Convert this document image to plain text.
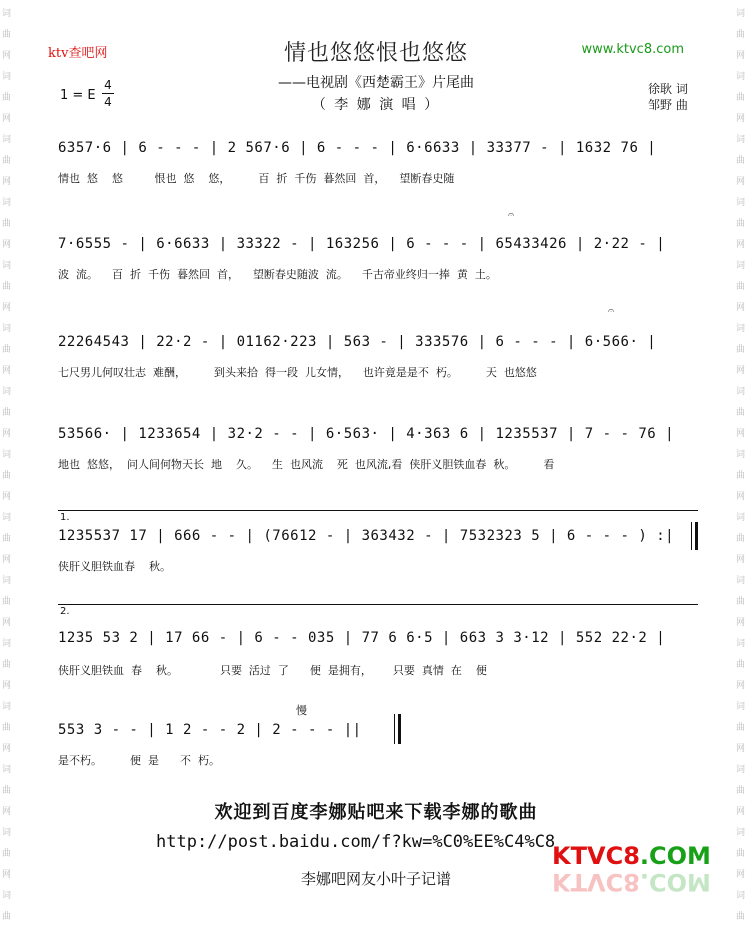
词
曲
网
词
曲
网
词
曲
网
词
曲
网
词
曲
网
词
曲
网
词
曲
网
词
曲
网
词
曲
网
词
曲
网
词
曲
网
词
曲
网
词
曲
网
词
曲
网
词
曲
词
曲
网
词
曲
网
词
曲
网
词
曲
网
词
曲
网
词
曲
网
词
曲
网
词
曲
网
词
曲
网
词
曲
网
词
曲
网
词
曲
网
词
曲
网
词
曲
网
词
曲
ktv查吧网	www.ktvc8.com
情也悠悠恨也悠悠
——电视剧《西楚霸王》片尾曲
（ 李 娜 演 唱 ）
1 = E
4
4
徐耿 词
邹野 曲
6357·6 | 6 - - - | 2 567·6 | 6 - - - | 6·6633 | 33377 - | 1632 76 |
情也  悠    悠         恨也  悠    悠，        百  折  千伤  暮然回  首，    望断春史随
7·6555 - | 6·6633 | 33322 - | 163256 | 6 - - - | 65433426 | 2·22 - |
波  流。    百  折  千伤  暮然回  首，    望断春史随波  流。    千古帝业终归一捧  黄  土。
𝄐
22264543 | 22·2 - | 01162·223 | 563 - | 333576 | 6 - - - | 6·566· |
七尺男儿何叹壮志  难酬，        到头来拾  得一段  儿女情，    也许竟是是不  朽。        天  也悠悠
𝄐
53566· | 1233654 | 32·2 - - | 6·563· | 4·363 6 | 1235537 | 7 - - 76 |
地也  悠悠，  问人间何物天长  地    久。    生  也风流    死  也风流,看  侠肝义胆铁血春  秋。        看
1.
1235537 17 | 666 - - | (76612 - | 363432 - | 7532323 5 | 6 - - - ) :|
侠肝义胆铁血春    秋。
2.
1235 53 2 | 17 66 - | 6 - - 035 | 77 6 6·5 | 663 3 3·12 | 552 22·2 |
侠肝义胆铁血  春    秋。            只要  活过  了      便  是拥有，      只要  真情  在    便
慢
553 3 - - | 1 2 - - 2 | 2 - - - ||
是不朽。        便  是      不  朽。
欢迎到百度李娜贴吧来下载李娜的歌曲
http://post.baidu.com/f?kw=%C0%EE%C4%C8
李娜吧网友小叶子记谱
KTVC8.COM
KTVC8.COM
